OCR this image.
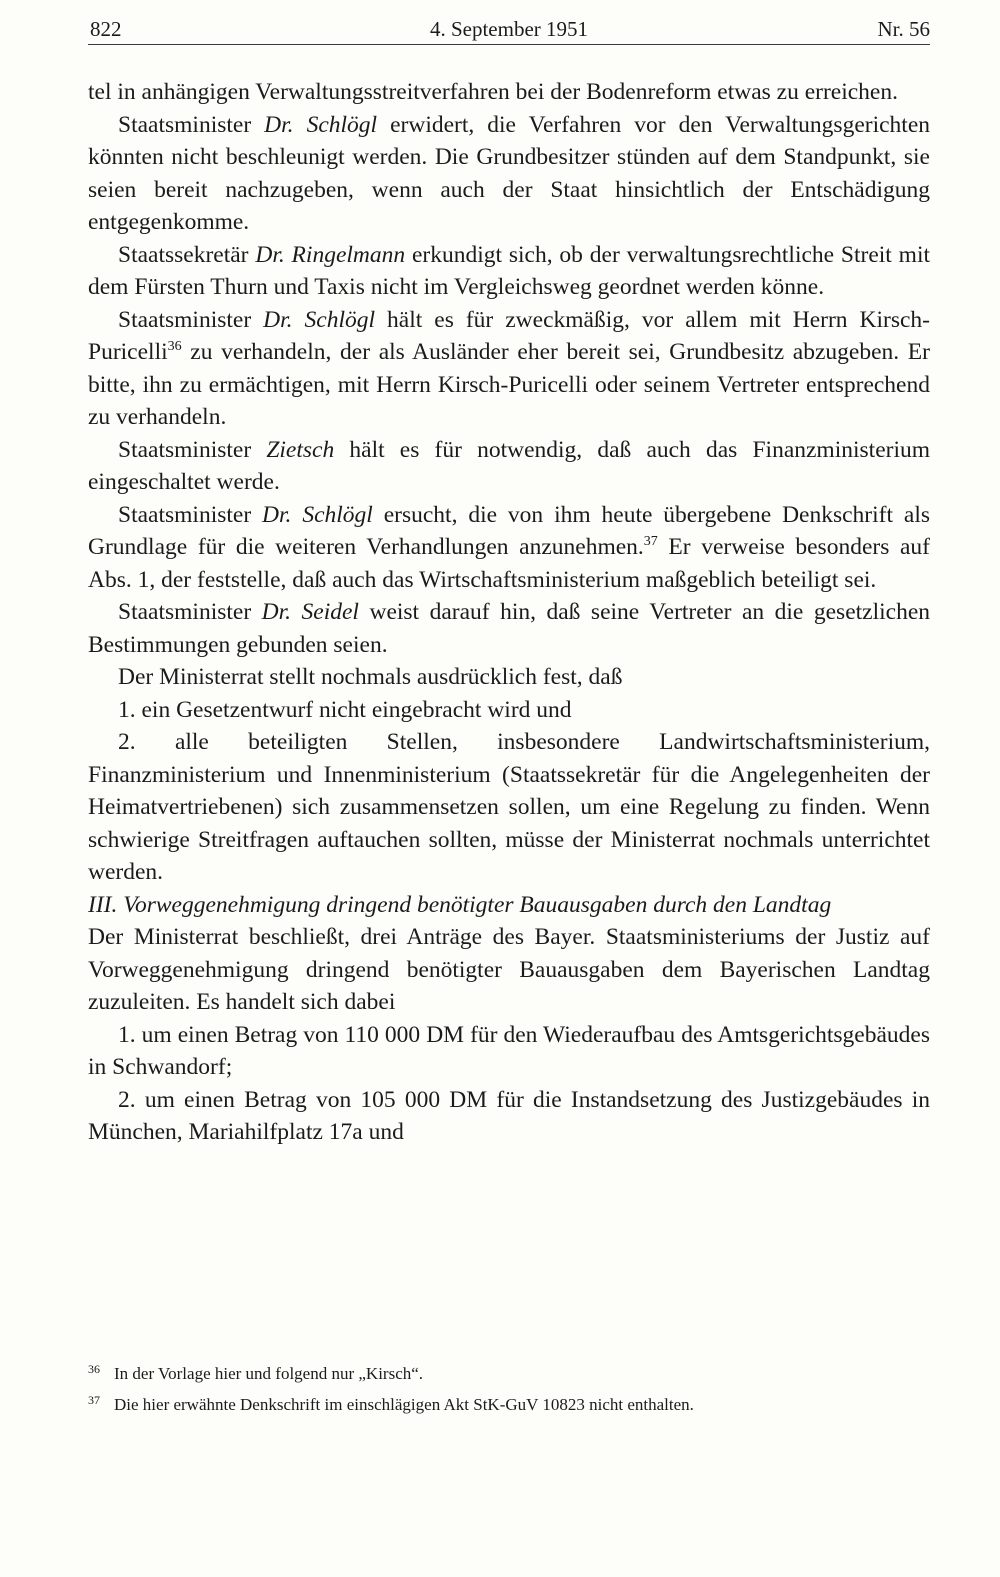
822	4. September 1951	Nr. 56

tel in anhängigen Verwaltungsstreitverfahren bei der Bodenreform etwas zu erreichen.

Staatsminister Dr. Schlögl erwidert, die Verfahren vor den Verwaltungsgerichten könnten nicht beschleunigt werden. Die Grundbesitzer stünden auf dem Standpunkt, sie seien bereit nachzugeben, wenn auch der Staat hinsichtlich der Entschädigung entgegenkomme.

Staatssekretär Dr. Ringelmann erkundigt sich, ob der verwaltungsrechtliche Streit mit dem Fürsten Thurn und Taxis nicht im Vergleichsweg geordnet werden könne.

Staatsminister Dr. Schlögl hält es für zweckmäßig, vor allem mit Herrn Kirsch-Puricelli$^{36}$ zu verhandeln, der als Ausländer eher bereit sei, Grundbesitz abzugeben. Er bitte, ihn zu ermächtigen, mit Herrn Kirsch-Puricelli oder seinem Vertreter entsprechend zu verhandeln.

Staatsminister Zietsch hält es für notwendig, daß auch das Finanzministerium eingeschaltet werde.

Staatsminister Dr. Schlögl ersucht, die von ihm heute übergebene Denkschrift als Grundlage für die weiteren Verhandlungen anzunehmen.$^{37}$ Er verweise besonders auf Abs. 1, der feststelle, daß auch das Wirtschaftsministerium maßgeblich beteiligt sei.

Staatsminister Dr. Seidel weist darauf hin, daß seine Vertreter an die gesetzlichen Bestimmungen gebunden seien.

Der Ministerrat stellt nochmals ausdrücklich fest, daß

1. ein Gesetzentwurf nicht eingebracht wird und

2. alle beteiligten Stellen, insbesondere Landwirtschaftsministerium, Finanzministerium und Innenministerium (Staatssekretär für die Angelegenheiten der Heimatvertriebenen) sich zusammensetzen sollen, um eine Regelung zu finden. Wenn schwierige Streitfragen auftauchen sollten, müsse der Ministerrat nochmals unterrichtet werden.

III. Vorweggenehmigung dringend benötigter Bauausgaben durch den Landtag

Der Ministerrat beschließt, drei Anträge des Bayer. Staatsministeriums der Justiz auf Vorweggenehmigung dringend benötigter Bauausgaben dem Bayerischen Landtag zuzuleiten. Es handelt sich dabei

1. um einen Betrag von 110 000 DM für den Wiederaufbau des Amtsgerichtsgebäudes in Schwandorf;

2. um einen Betrag von 105 000 DM für die Instandsetzung des Justizgebäudes in München, Mariahilfplatz 17a und

$^{36}$ In der Vorlage hier und folgend nur „Kirsch“.

$^{37}$ Die hier erwähnte Denkschrift im einschlägigen Akt StK-GuV 10823 nicht enthalten.
